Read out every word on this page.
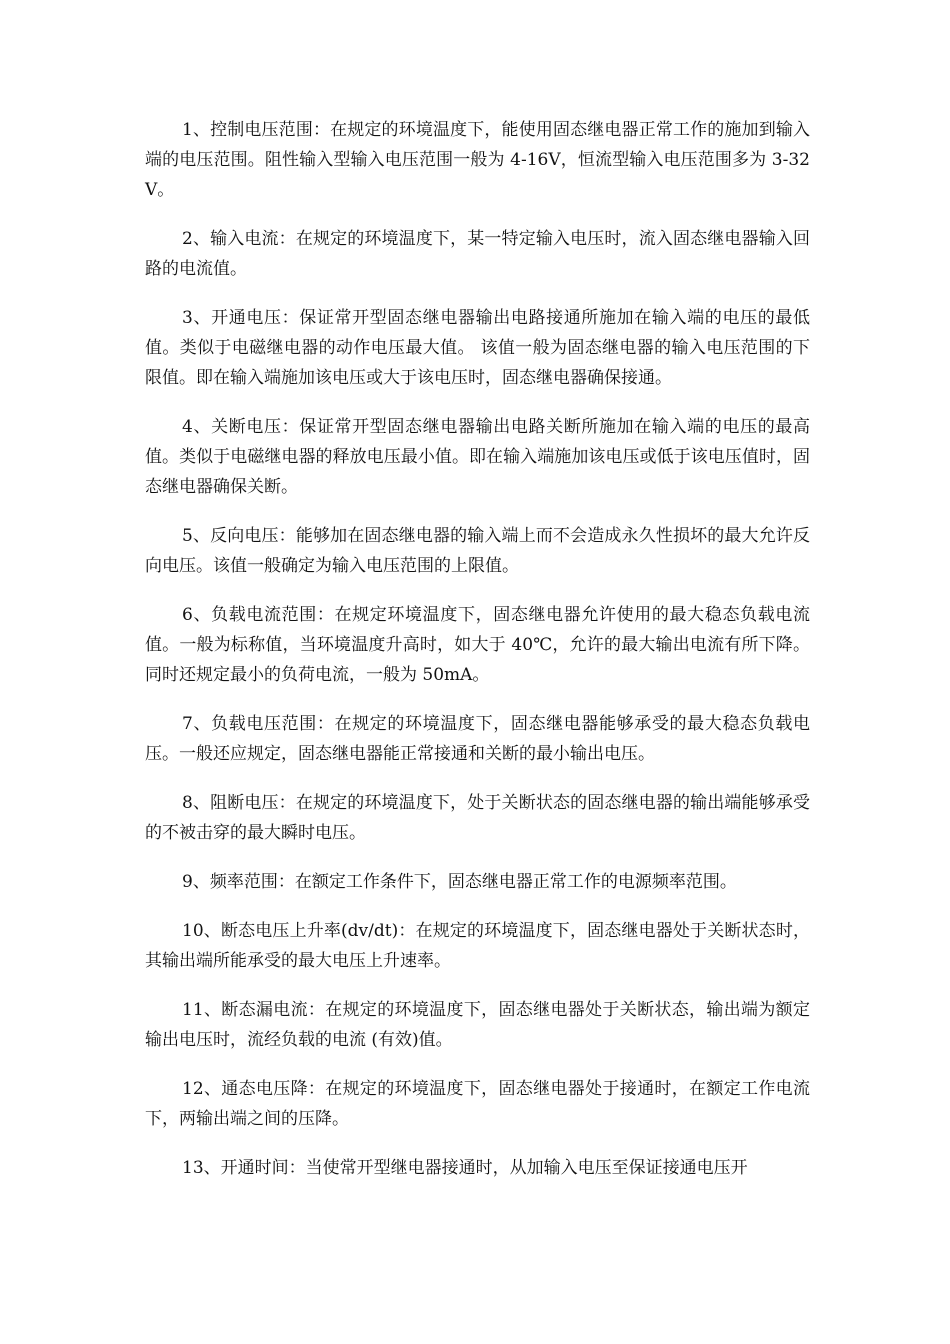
1、控制电压范围：在规定的环境温度下，能使用固态继电器正常工作的施加到输入端的电压范围。阻性输入型输入电压范围一般为 4-16V，恒流型输入电压范围多为 3-32V。

2、输入电流：在规定的环境温度下，某一特定输入电压时，流入固态继电器输入回路的电流值。

3、开通电压：保证常开型固态继电器输出电路接通所施加在输入端的电压的最低值。类似于电磁继电器的动作电压最大值。 该值一般为固态继电器的输入电压范围的下限值。即在输入端施加该电压或大于该电压时，固态继电器确保接通。

4、关断电压：保证常开型固态继电器输出电路关断所施加在输入端的电压的最高值。类似于电磁继电器的释放电压最小值。即在输入端施加该电压或低于该电压值时，固态继电器确保关断。

5、反向电压：能够加在固态继电器的输入端上而不会造成永久性损坏的最大允许反向电压。该值一般确定为输入电压范围的上限值。

6、负载电流范围：在规定环境温度下，固态继电器允许使用的最大稳态负载电流值。一般为标称值，当环境温度升高时，如大于 40℃，允许的最大输出电流有所下降。同时还规定最小的负荷电流，一般为 50mA。

7、负载电压范围：在规定的环境温度下，固态继电器能够承受的最大稳态负载电压。一般还应规定，固态继电器能正常接通和关断的最小输出电压。

8、阻断电压：在规定的环境温度下，处于关断状态的固态继电器的输出端能够承受的不被击穿的最大瞬时电压。

9、频率范围：在额定工作条件下，固态继电器正常工作的电源频率范围。

10、断态电压上升率(dv/dt)：在规定的环境温度下，固态继电器处于关断状态时，其输出端所能承受的最大电压上升速率。

11、断态漏电流：在规定的环境温度下，固态继电器处于关断状态，输出端为额定输出电压时，流经负载的电流 (有效)值。

12、通态电压降：在规定的环境温度下，固态继电器处于接通时，在额定工作电流下，两输出端之间的压降。

13、开通时间：当使常开型继电器接通时，从加输入电压至保证接通电压开
